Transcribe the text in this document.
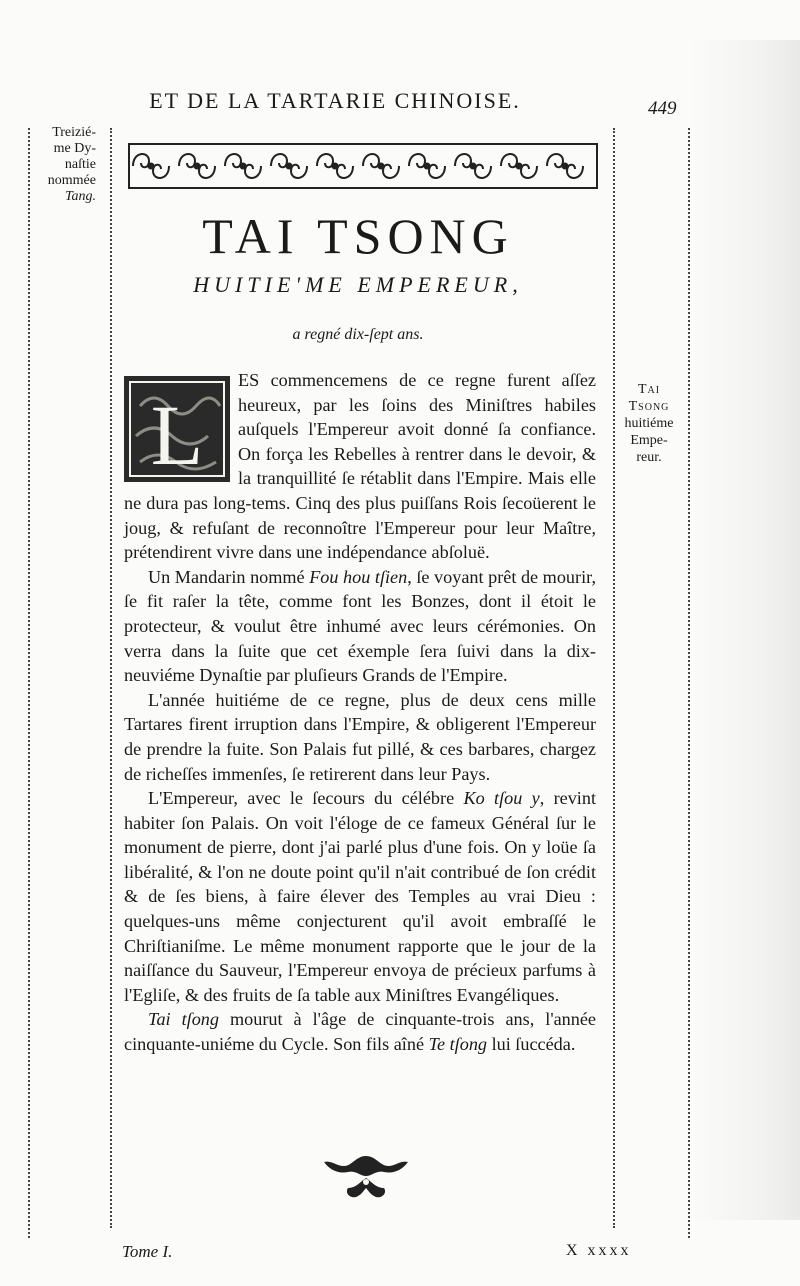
ET DE LA TARTARIE CHINOISE.	449
Treizié-
me Dy-
naſtie
nommée
Tang.
Tai
Tsong
huitiéme
Empe-
reur.
TAI TSONG
HUITIE'ME EMPEREUR,
a regné dix-ſept ans.
L

ES commencemens de ce regne furent aſſez heureux, par les ſoins des Miniſtres habiles auſquels l'Empereur avoit donné ſa confiance. On força les Rebelles à rentrer dans le devoir, & la tranquillité ſe rétablit dans l'Empire. Mais elle ne dura pas long-tems. Cinq des plus puiſſans Rois ſecoüerent le joug, & refuſant de reconnoître l'Empereur pour leur Maître, prétendirent vivre dans une indépendance abſoluë.

Un Mandarin nommé Fou hou tſien, ſe voyant prêt de mourir, ſe fit raſer la tête, comme font les Bonzes, dont il étoit le protecteur, & voulut être inhumé avec leurs cérémonies. On verra dans la ſuite que cet éxemple ſera ſuivi dans la dix-neuviéme Dynaſtie par pluſieurs Grands de l'Empire.

L'année huitiéme de ce regne, plus de deux cens mille Tartares firent irruption dans l'Empire, & obligerent l'Empereur de prendre la fuite. Son Palais fut pillé, & ces barbares, chargez de richeſſes immenſes, ſe retirerent dans leur Pays.

L'Empereur, avec le ſecours du célébre Ko tſou y, revint habiter ſon Palais. On voit l'éloge de ce fameux Général ſur le monument de pierre, dont j'ai parlé plus d'une fois. On y loüe ſa libéralité, & l'on ne doute point qu'il n'ait contribué de ſon crédit & de ſes biens, à faire élever des Temples au vrai Dieu : quelques-uns même conjecturent qu'il avoit embraſſé le Chriſtianiſme. Le même monument rapporte que le jour de la naiſſance du Sauveur, l'Empereur envoya de précieux parfums à l'Egliſe, & des fruits de ſa table aux Miniſtres Evangéliques.

Tai tſong mourut à l'âge de cinquante-trois ans, l'année cinquante-uniéme du Cycle. Son fils aîné Te tſong lui ſuccéda.

Tome I.	X xxxx
